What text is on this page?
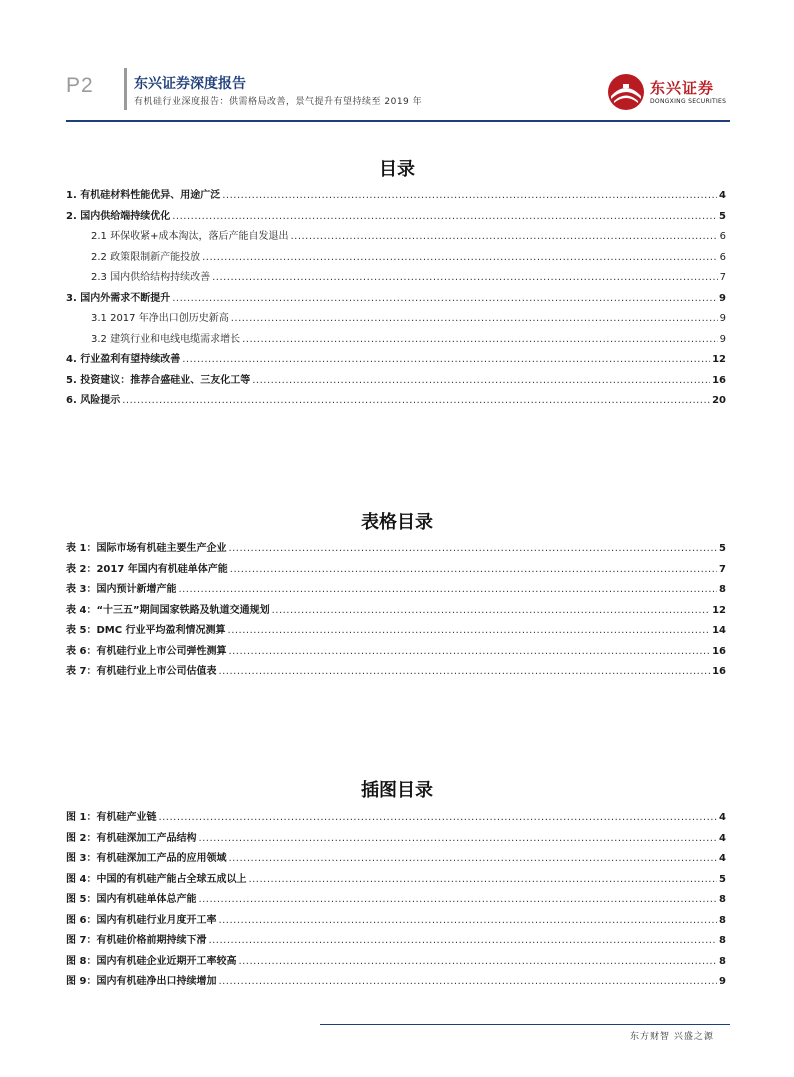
P2	东兴证券深度报告
有机硅行业深度报告：供需格局改善，景气提升有望持续至 2019 年
东兴证券
DONGXING SECURITIES
目录
1. 有机硅材料性能优异、用途广泛 .....	4
2. 国内供给端持续优化 .....	5
2.1 环保收紧+成本淘汰，落后产能自发退出 .....	6
2.2 政策限制新产能投放 .....	6
2.3 国内供给结构持续改善 .....	7
3. 国内外需求不断提升 .....	9
3.1 2017 年净出口创历史新高 .....	9
3.2 建筑行业和电线电缆需求增长 .....	9
4. 行业盈利有望持续改善 .....	12
5. 投资建议：推荐合盛硅业、三友化工等 .....	16
6. 风险提示 .....	20
表格目录
表 1：国际市场有机硅主要生产企业 .....	5
表 2：2017 年国内有机硅单体产能 .....	7
表 3：国内预计新增产能 .....	8
表 4：“十三五”期间国家铁路及轨道交通规划 .....	12
表 5：DMC 行业平均盈利情况测算 .....	14
表 6：有机硅行业上市公司弹性测算 .....	16
表 7：有机硅行业上市公司估值表 .....	16
插图目录
图 1：有机硅产业链 .....	4
图 2：有机硅深加工产品结构 .....	4
图 3：有机硅深加工产品的应用领域 .....	4
图 4：中国的有机硅产能占全球五成以上 .....	5
图 5：国内有机硅单体总产能 .....	8
图 6：国内有机硅行业月度开工率 .....	8
图 7：有机硅价格前期持续下滑 .....	8
图 8：国内有机硅企业近期开工率较高 .....	8
图 9：国内有机硅净出口持续增加 .....	9
东方财智 兴盛之源
